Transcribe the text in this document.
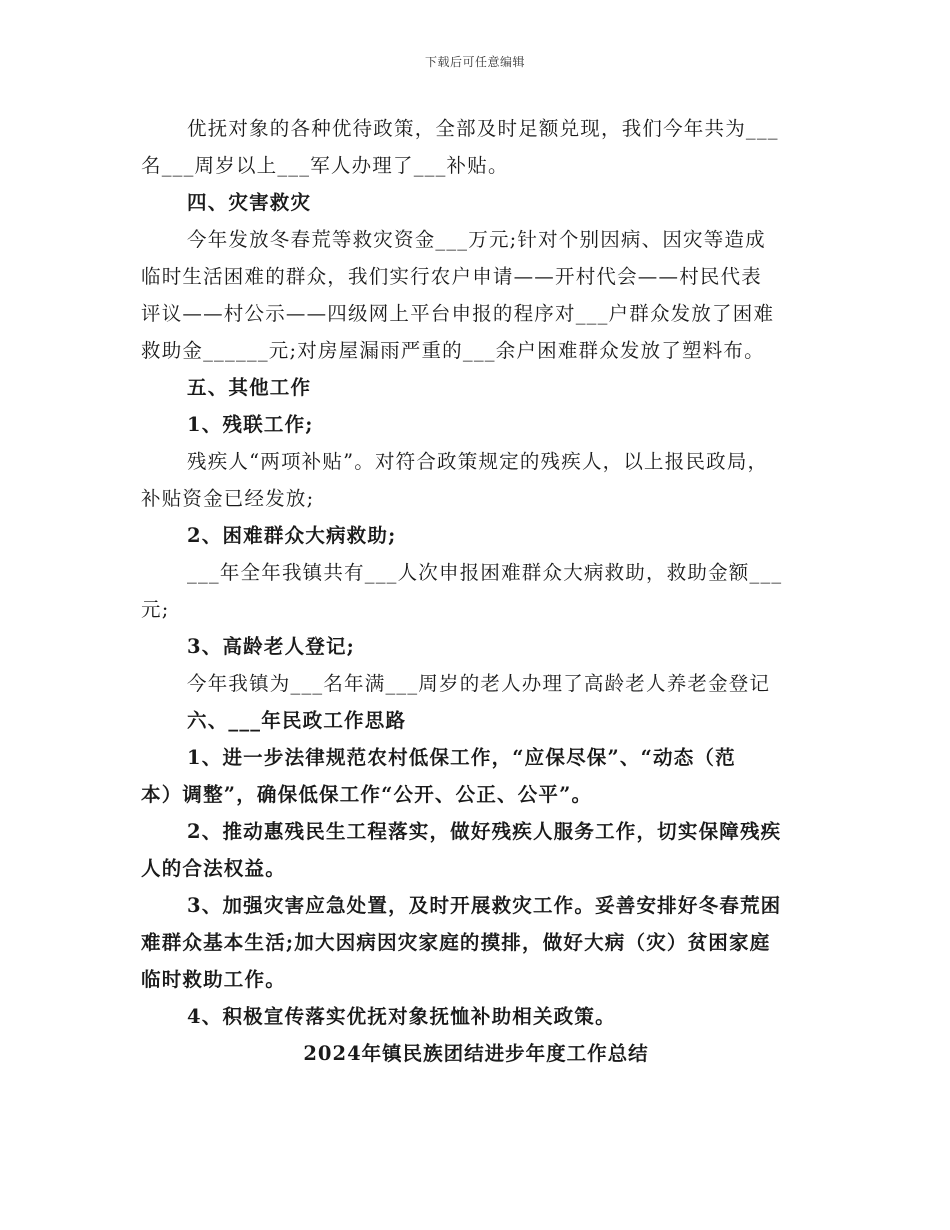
下载后可任意编辑
优抚对象的各种优待政策，全部及时足额兑现，我们今年共为___
名___周岁以上___军人办理了___补贴。
四、灾害救灾
今年发放冬春荒等救灾资金___万元;针对个别因病、因灾等造成
临时生活困难的群众，我们实行农户申请——开村代会——村民代表
评议——村公示——四级网上平台申报的程序对___户群众发放了困难
救助金______元;对房屋漏雨严重的___余户困难群众发放了塑料布。
五、其他工作
1、残联工作;
残疾人“两项补贴”。对符合政策规定的残疾人，以上报民政局，
补贴资金已经发放;
2、困难群众大病救助;
___年全年我镇共有___人次申报困难群众大病救助，救助金额___
元;
3、高龄老人登记;
今年我镇为___名年满___周岁的老人办理了高龄老人养老金登记
六、___年民政工作思路
1、进一步法律规范农村低保工作，“应保尽保”、“动态（范
本）调整”，确保低保工作“公开、公正、公平”。
2、推动惠残民生工程落实，做好残疾人服务工作，切实保障残疾
人的合法权益。
3、加强灾害应急处置，及时开展救灾工作。妥善安排好冬春荒困
难群众基本生活;加大因病因灾家庭的摸排，做好大病（灾）贫困家庭
临时救助工作。
4、积极宣传落实优抚对象抚恤补助相关政策。
2024年镇民族团结进步年度工作总结
